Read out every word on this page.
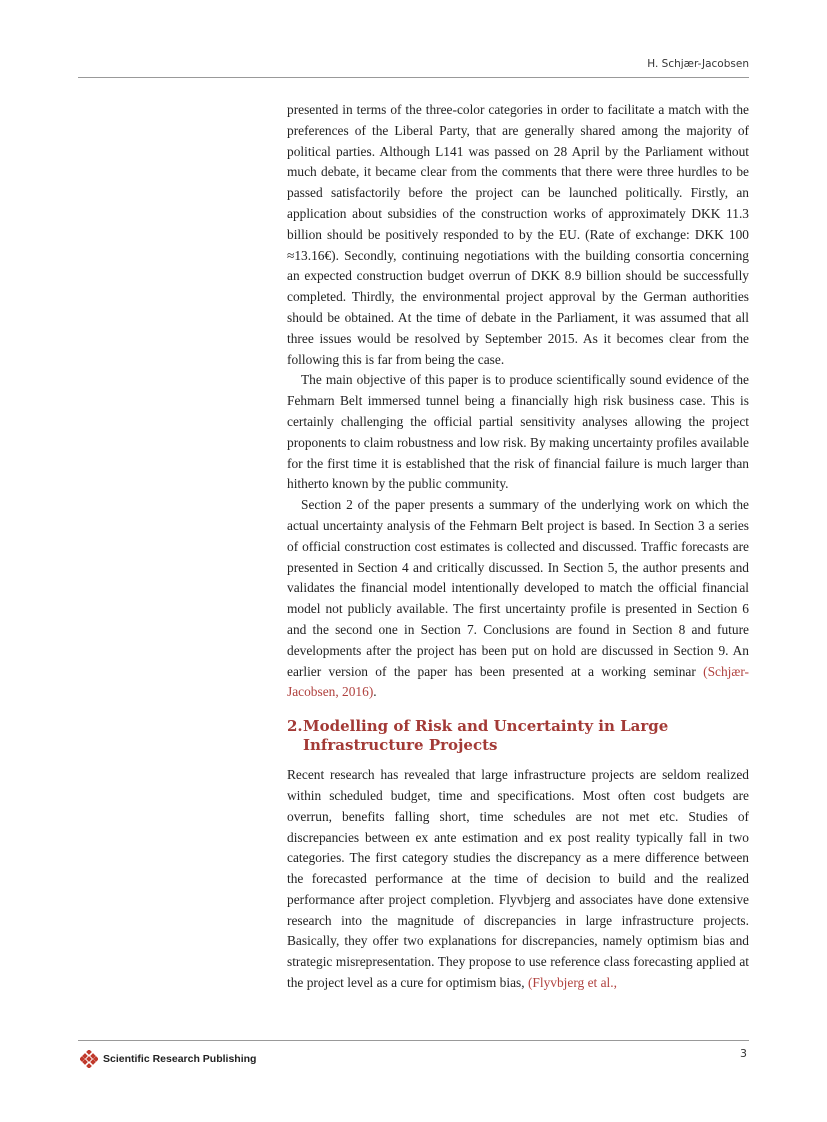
H. Schjær-Jacobsen

presented in terms of the three-color categories in order to facilitate a match with the preferences of the Liberal Party, that are generally shared among the majority of political parties. Although L141 was passed on 28 April by the Parliament without much debate, it became clear from the comments that there were three hurdles to be passed satisfactorily before the project can be launched politically. Firstly, an application about subsidies of the construction works of approximately DKK 11.3 billion should be positively responded to by the EU. (Rate of exchange: DKK 100 ≈13.16€). Secondly, continuing negotiations with the building consortia concerning an expected construction budget overrun of DKK 8.9 billion should be successfully completed. Thirdly, the environmental project approval by the German authorities should be obtained. At the time of debate in the Parliament, it was assumed that all three issues would be resolved by September 2015. As it becomes clear from the following this is far from being the case.

The main objective of this paper is to produce scientifically sound evidence of the Fehmarn Belt immersed tunnel being a financially high risk business case. This is certainly challenging the official partial sensitivity analyses allowing the project proponents to claim robustness and low risk. By making uncertainty profiles available for the first time it is established that the risk of financial failure is much larger than hitherto known by the public community.

Section 2 of the paper presents a summary of the underlying work on which the actual uncertainty analysis of the Fehmarn Belt project is based. In Section 3 a series of official construction cost estimates is collected and discussed. Traffic forecasts are presented in Section 4 and critically discussed. In Section 5, the author presents and validates the financial model intentionally developed to match the official financial model not publicly available. The first uncertainty profile is presented in Section 6 and the second one in Section 7. Conclusions are found in Section 8 and future developments after the project has been put on hold are discussed in Section 9. An earlier version of the paper has been presented at a working seminar (Schjær-Jacobsen, 2016).

2.Modelling of Risk and Uncertainty in Large
Infrastructure Projects

Recent research has revealed that large infrastructure projects are seldom realized within scheduled budget, time and specifications. Most often cost budgets are overrun, benefits falling short, time schedules are not met etc. Studies of discrepancies between ex ante estimation and ex post reality typically fall in two categories. The first category studies the discrepancy as a mere difference between the forecasted performance at the time of decision to build and the realized performance after project completion. Flyvbjerg and associates have done extensive research into the magnitude of discrepancies in large infrastructure projects. Basically, they offer two explanations for discrepancies, namely optimism bias and strategic misrepresentation. They propose to use reference class forecasting applied at the project level as a cure for optimism bias, (Flyvbjerg et al.,

Scientific Research Publishing	3
